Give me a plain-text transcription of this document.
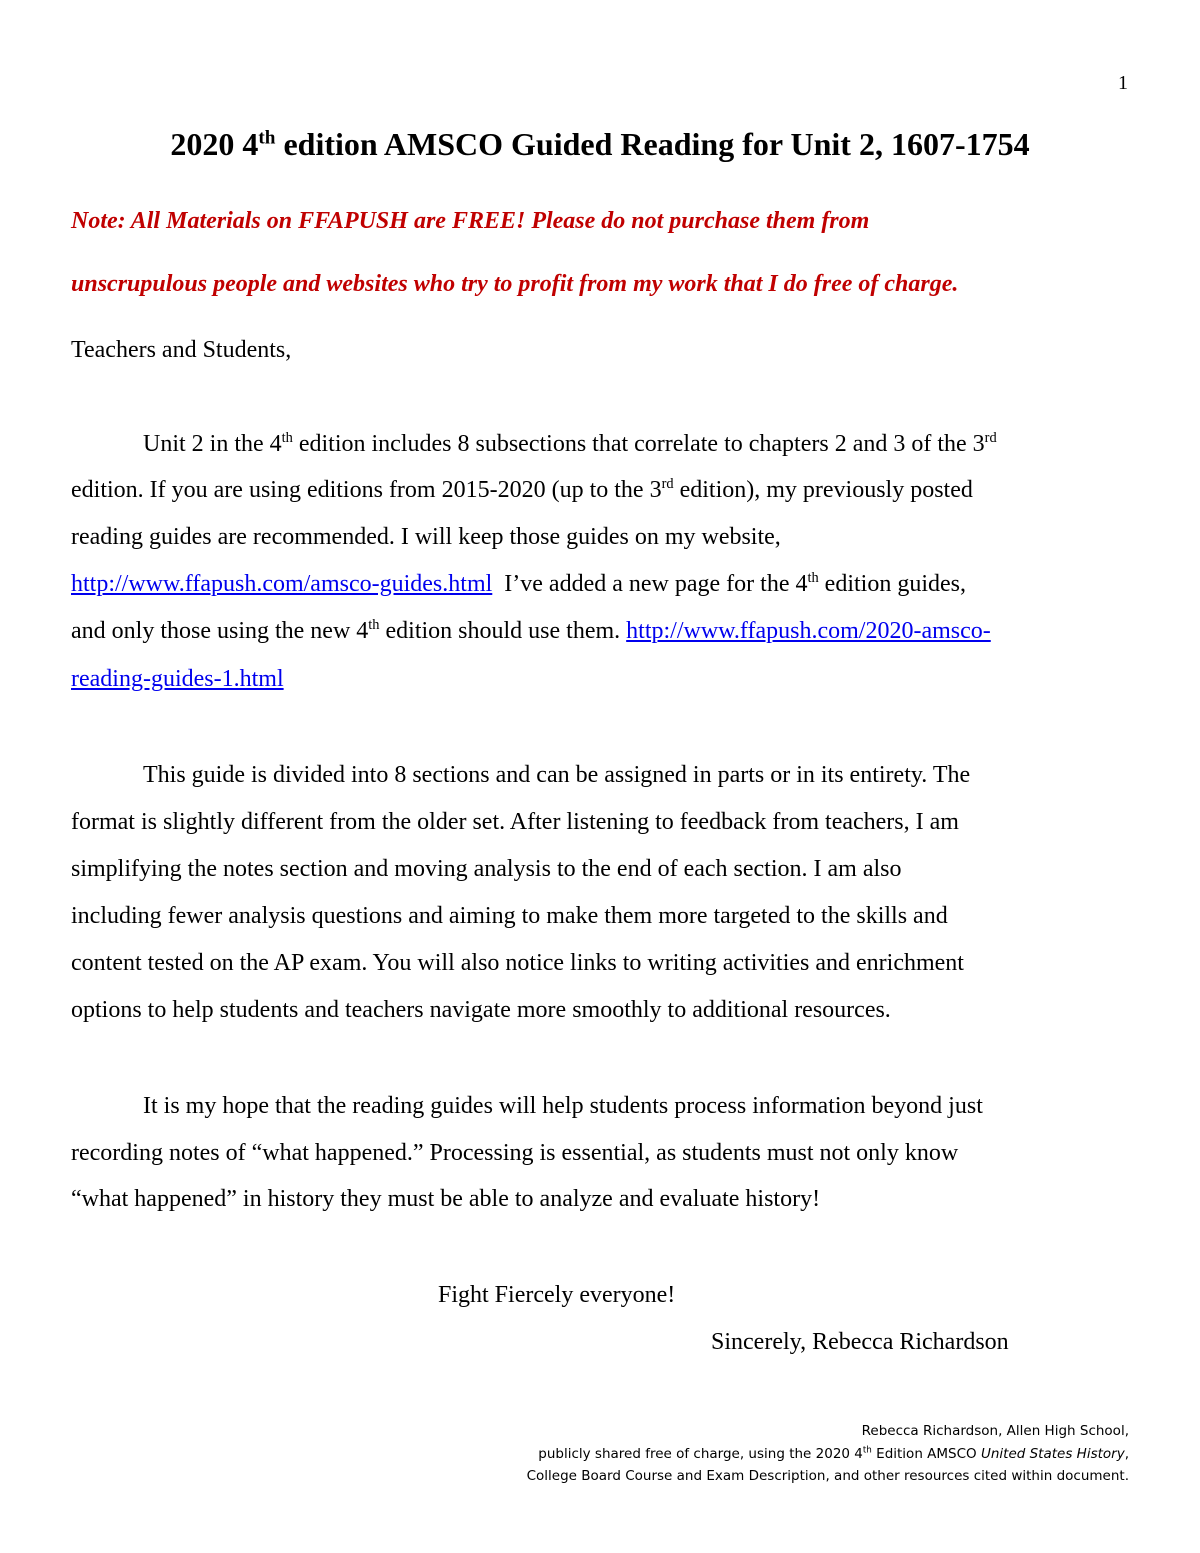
1
2020 4th edition AMSCO Guided Reading for Unit 2, 1607-1754
Note: All Materials on FFAPUSH are FREE! Please do not purchase them from
unscrupulous people and websites who try to profit from my work that I do free of charge.
Teachers and Students,
Unit 2 in the 4th edition includes 8 subsections that correlate to chapters 2 and 3 of the 3rd
edition. If you are using editions from 2015-2020 (up to the 3rd edition), my previously posted
reading guides are recommended. I will keep those guides on my website,
http://www.ffapush.com/amsco-guides.html  I’ve added a new page for the 4th edition guides,
and only those using the new 4th edition should use them. http://www.ffapush.com/2020-amsco-
reading-guides-1.html
This guide is divided into 8 sections and can be assigned in parts or in its entirety. The
format is slightly different from the older set. After listening to feedback from teachers, I am
simplifying the notes section and moving analysis to the end of each section. I am also
including fewer analysis questions and aiming to make them more targeted to the skills and
content tested on the AP exam. You will also notice links to writing activities and enrichment
options to help students and teachers navigate more smoothly to additional resources.
It is my hope that the reading guides will help students process information beyond just
recording notes of “what happened.” Processing is essential, as students must not only know
“what happened” in history they must be able to analyze and evaluate history!
Fight Fiercely everyone!
Sincerely, Rebecca Richardson
Rebecca Richardson, Allen High School,
publicly shared free of charge, using the 2020 4th Edition AMSCO United States History,
College Board Course and Exam Description, and other resources cited within document.
